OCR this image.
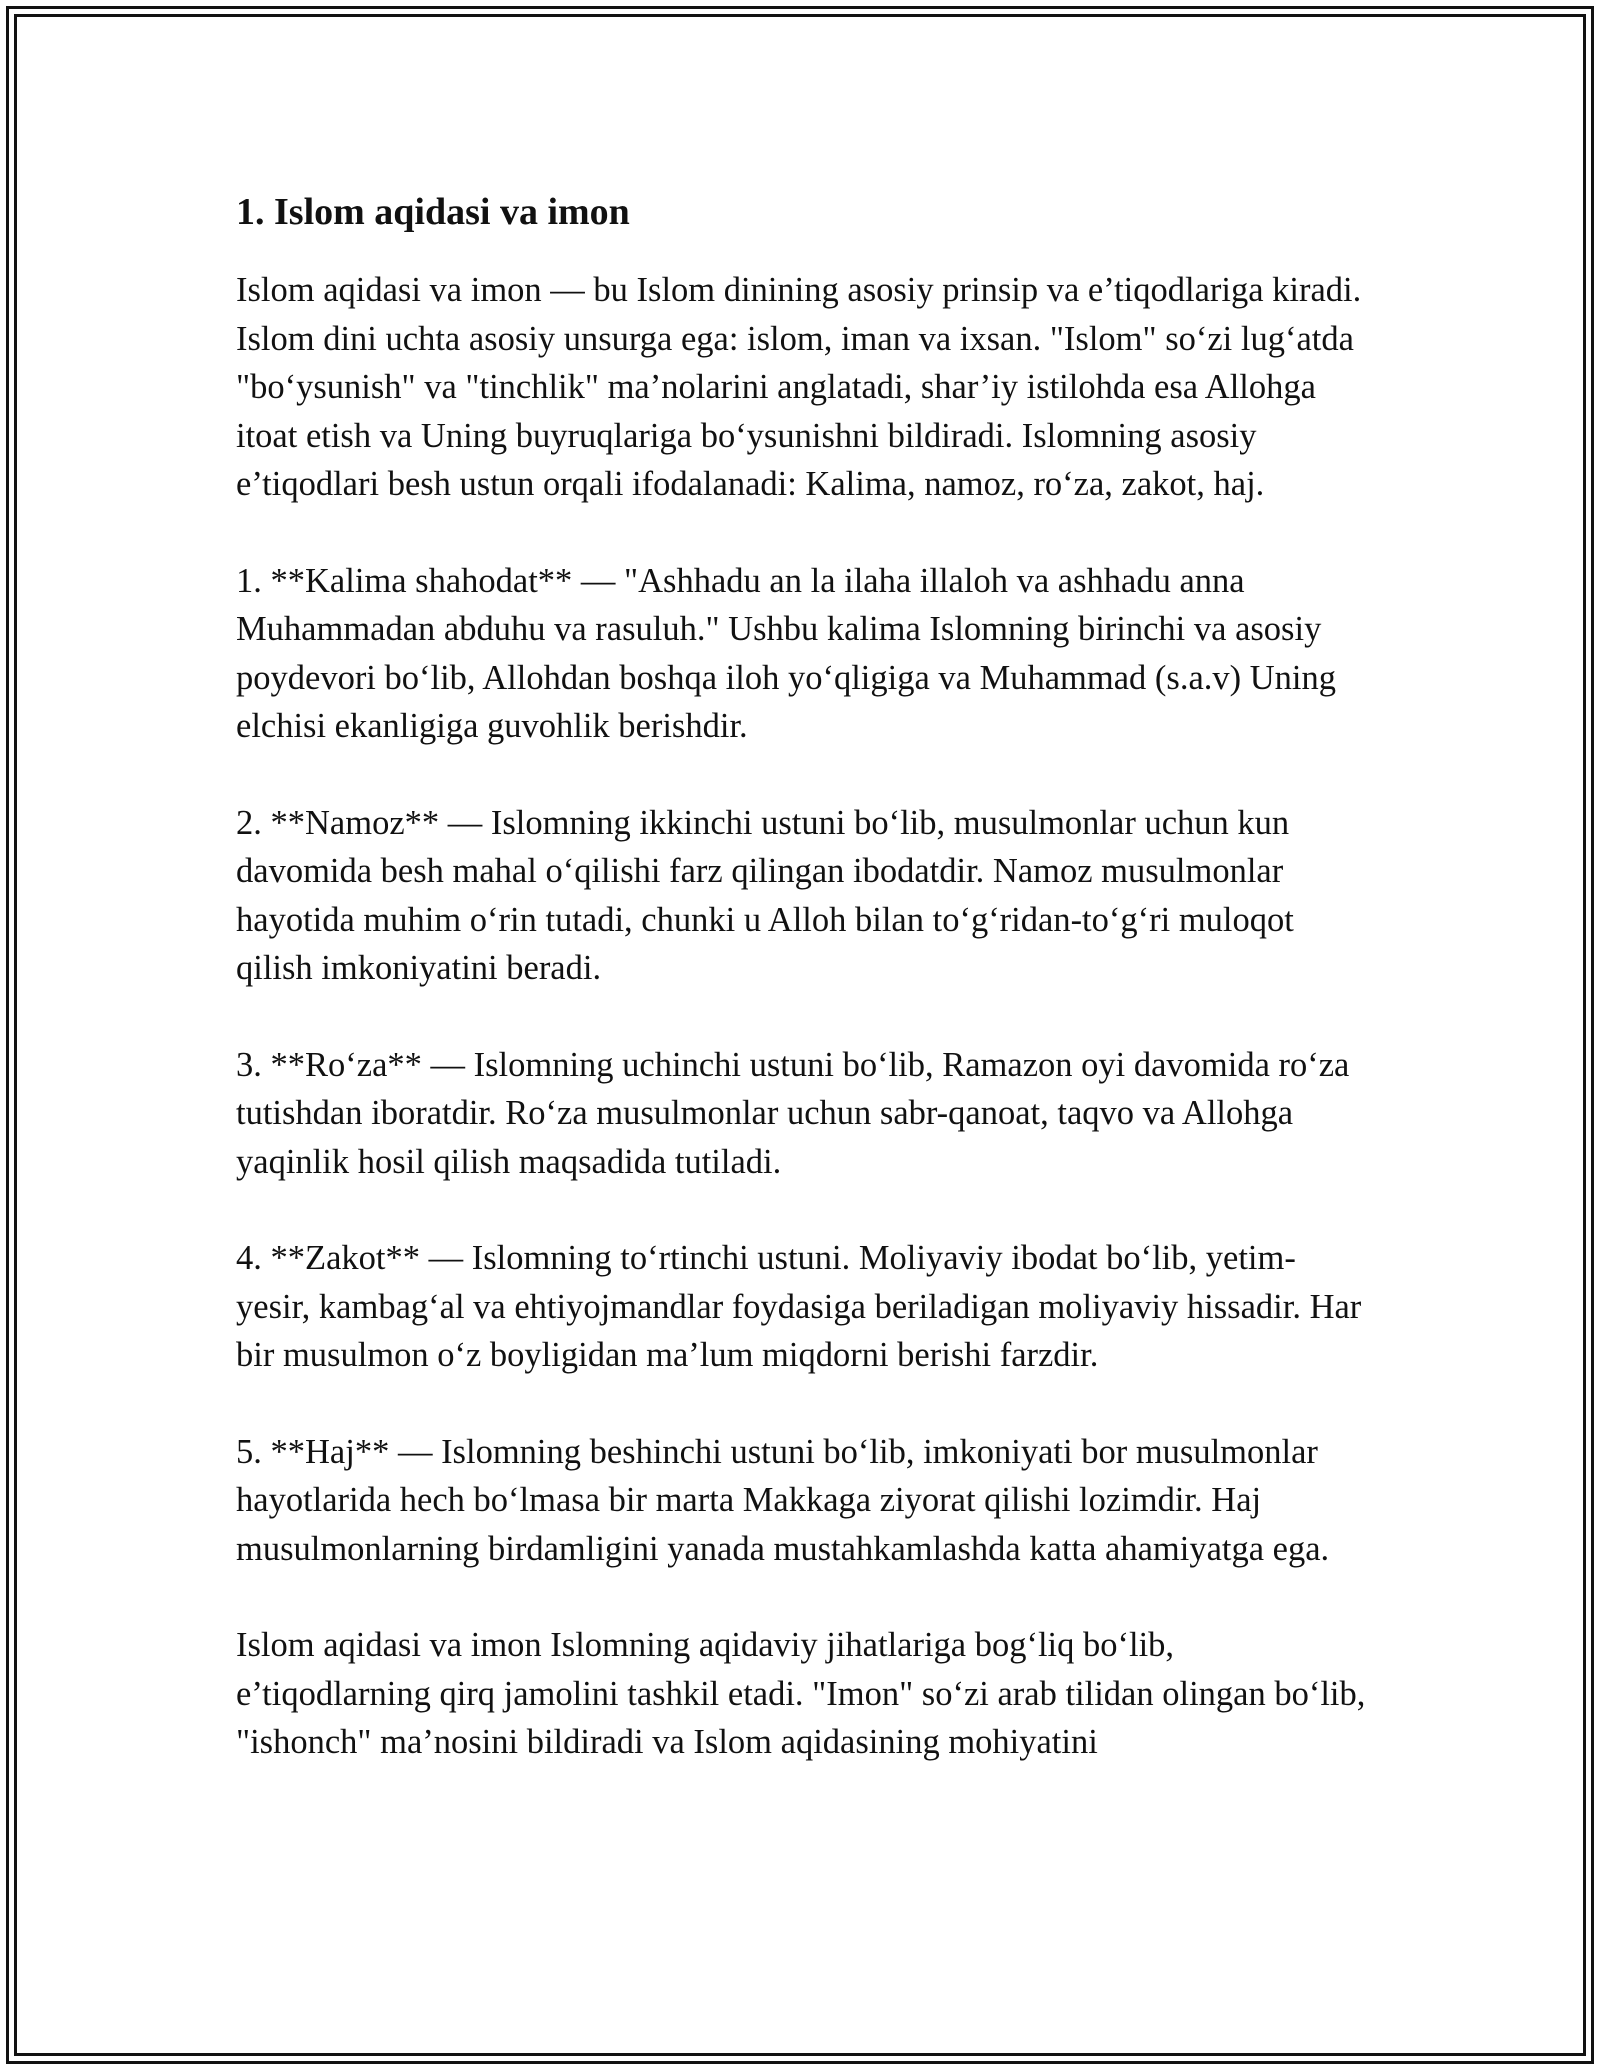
1. Islom aqidasi va imon

Islom aqidasi va imon — bu Islom dinining asosiy prinsip va e’tiqodlariga kiradi. Islom dini uchta asosiy unsurga ega: islom, iman va ixsan. "Islom" so‘zi lug‘atda "bo‘ysunish" va "tinchlik" ma’nolarini anglatadi, shar’iy istilohda esa Allohga itoat etish va Uning buyruqlariga bo‘ysunishni bildiradi. Islomning asosiy e’tiqodlari besh ustun orqali ifodalanadi: Kalima, namoz, ro‘za, zakot, haj.

1. **Kalima shahodat** — "Ashhadu an la ilaha illaloh va ashhadu anna Muhammadan abduhu va rasuluh." Ushbu kalima Islomning birinchi va asosiy poydevori bo‘lib, Allohdan boshqa iloh yo‘qligiga va Muhammad (s.a.v) Uning elchisi ekanligiga guvohlik berishdir.

2. **Namoz** — Islomning ikkinchi ustuni bo‘lib, musulmonlar uchun kun davomida besh mahal o‘qilishi farz qilingan ibodatdir. Namoz musulmonlar hayotida muhim o‘rin tutadi, chunki u Alloh bilan to‘g‘ridan-to‘g‘ri muloqot qilish imkoniyatini beradi.

3. **Ro‘za** — Islomning uchinchi ustuni bo‘lib, Ramazon oyi davomida ro‘za tutishdan iboratdir. Ro‘za musulmonlar uchun sabr-qanoat, taqvo va Allohga yaqinlik hosil qilish maqsadida tutiladi.

4. **Zakot** — Islomning to‘rtinchi ustuni. Moliyaviy ibodat bo‘lib, yetim-yesir, kambag‘al va ehtiyojmandlar foydasiga beriladigan moliyaviy hissadir. Har bir musulmon o‘z boyligidan ma’lum miqdorni berishi farzdir.

5. **Haj** — Islomning beshinchi ustuni bo‘lib, imkoniyati bor musulmonlar hayotlarida hech bo‘lmasa bir marta Makkaga ziyorat qilishi lozimdir. Haj musulmonlarning birdamligini yanada mustahkamlashda katta ahamiyatga ega.

Islom aqidasi va imon Islomning aqidaviy jihatlariga bog‘liq bo‘lib, e’tiqodlarning qirq jamolini tashkil etadi. "Imon" so‘zi arab tilidan olingan bo‘lib, "ishonch" ma’nosini bildiradi va Islom aqidasining mohiyatini
